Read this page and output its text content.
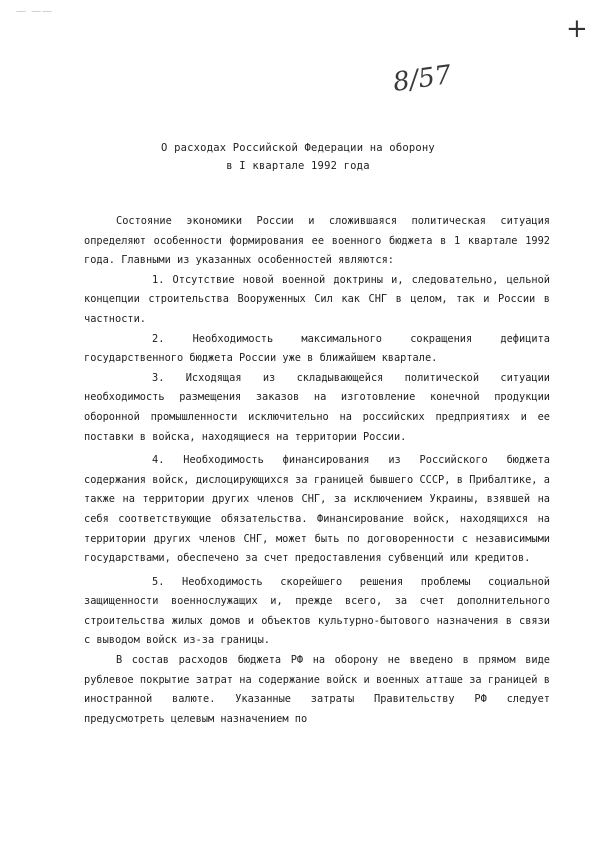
— ——
8/57
+
О расходах Российской Федерации на оборону
в I квартале 1992 года

Состояние экономики России и сложившаяся политическая ситуация определяют особенности формирования ее военного бюджета в 1 квартале 1992 года. Главными из указанных особенностей являются:

1. Отсутствие новой военной доктрины и, следовательно, цельной концепции строительства Вооруженных Сил как СНГ в целом, так и России в частности.

2. Необходимость максимального сокращения дефицита государственного бюджета России уже в ближайшем квартале.

3. Исходящая из складывающейся политической ситуации необходимость размещения заказов на изготовление конечной продукции оборонной промышленности исключительно на российских предприятиях и ее поставки в войска, находящиеся на территории России.

4. Необходимость финансирования из Российского бюджета содержания войск, дислоцирующихся за границей бывшего СССР, в Прибалтике, а также на территории других членов СНГ, за исключением Украины, взявшей на себя соответствующие обязательства. Финансирование войск, находящихся на территории других членов СНГ, может быть по договоренности с независимыми государствами, обеспечено за счет предоставления субвенций или кредитов.

5. Необходимость скорейшего решения проблемы социальной защищенности военнослужащих и, прежде всего, за счет дополнительного строительства жилых домов и объектов культурно-бытового назначения в связи с выводом войск из-за границы.

В состав расходов бюджета РФ на оборону не введено в прямом виде рублевое покрытие затрат на содержание войск и военных атташе за границей в иностранной валюте. Указанные затраты Правительству РФ следует предусмотреть целевым назначением по
